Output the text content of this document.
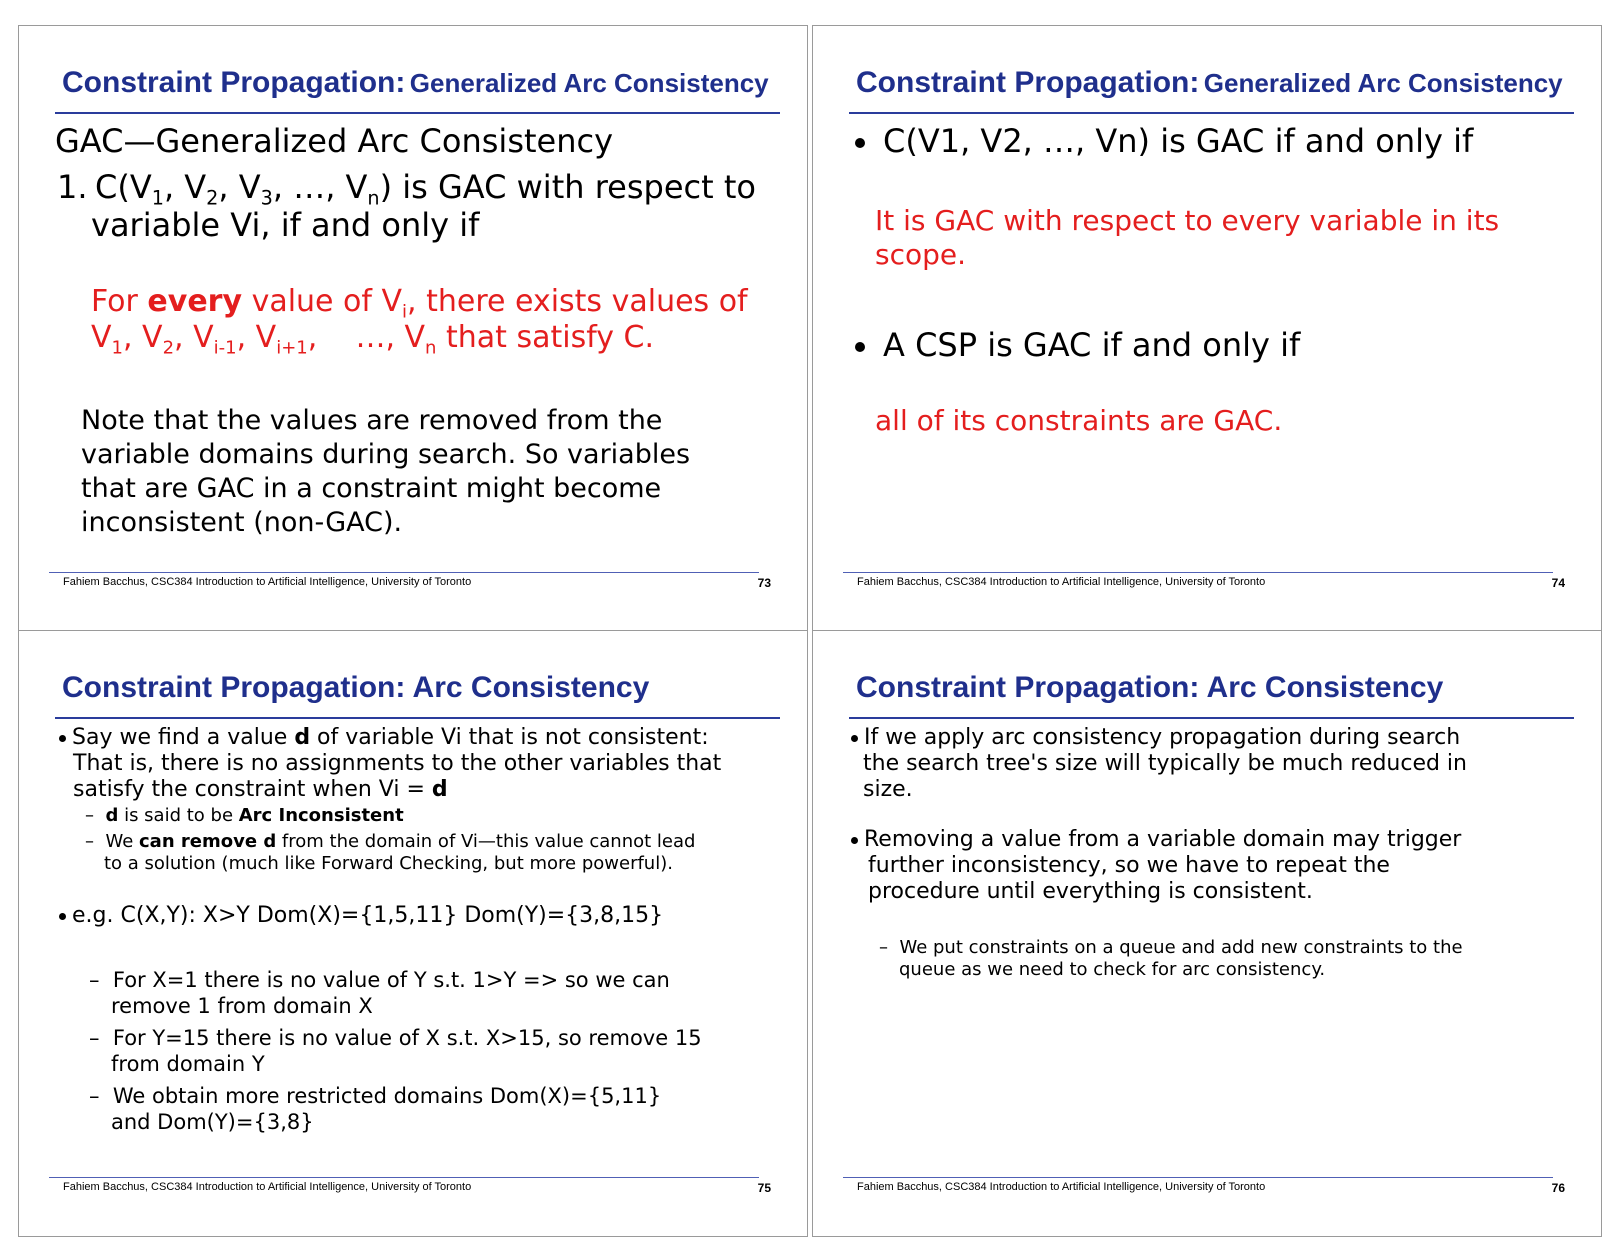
Constraint Propagation: Generalized Arc Consistency
GAC—Generalized Arc Consistency
1. $C(V_1$, $V_2$, $V_3$, …, $V_n$) is GAC with respect to
variable Vi, if and only if
For every value of $V_i$, there exists values of
$V_1$, $V_2$, $V_{i-1}$, $V_{i+1}$,    …, $V_n$ that satisfy C.
Note that the values are removed from the
variable domains during search. So variables
that are GAC in a constraint might become
inconsistent (non-GAC).
Fahiem Bacchus, CSC384 Introduction to Artificial Intelligence, University of Toronto	73
Constraint Propagation: Generalized Arc Consistency
C(V1, V2, …, Vn) is GAC if and only if
It is GAC with respect to every variable in its
scope.
A CSP is GAC if and only if
all of its constraints are GAC.
Fahiem Bacchus, CSC384 Introduction to Artificial Intelligence, University of Toronto	74
Constraint Propagation: Arc Consistency
Say we find a value d of variable Vi that is not consistent:
That is, there is no assignments to the other variables that
satisfy the constraint when Vi = d
– d is said to be Arc Inconsistent
– We can remove d from the domain of Vi—this value cannot lead
to a solution (much like Forward Checking, but more powerful).
e.g. C(X,Y): X>Y Dom(X)={1,5,11} Dom(Y)={3,8,15}
– For X=1 there is no value of Y s.t. 1>Y => so we can
remove 1 from domain X
– For Y=15 there is no value of X s.t. X>15, so remove 15
from domain Y
– We obtain more restricted domains Dom(X)={5,11}
and Dom(Y)={3,8}
Fahiem Bacchus, CSC384 Introduction to Artificial Intelligence, University of Toronto	75
Constraint Propagation: Arc Consistency
If we apply arc consistency propagation during search
the search tree's size will typically be much reduced in
size.
Removing a value from a variable domain may trigger
further inconsistency, so we have to repeat the
procedure until everything is consistent.
– We put constraints on a queue and add new constraints to the
queue as we need to check for arc consistency.
Fahiem Bacchus, CSC384 Introduction to Artificial Intelligence, University of Toronto	76
